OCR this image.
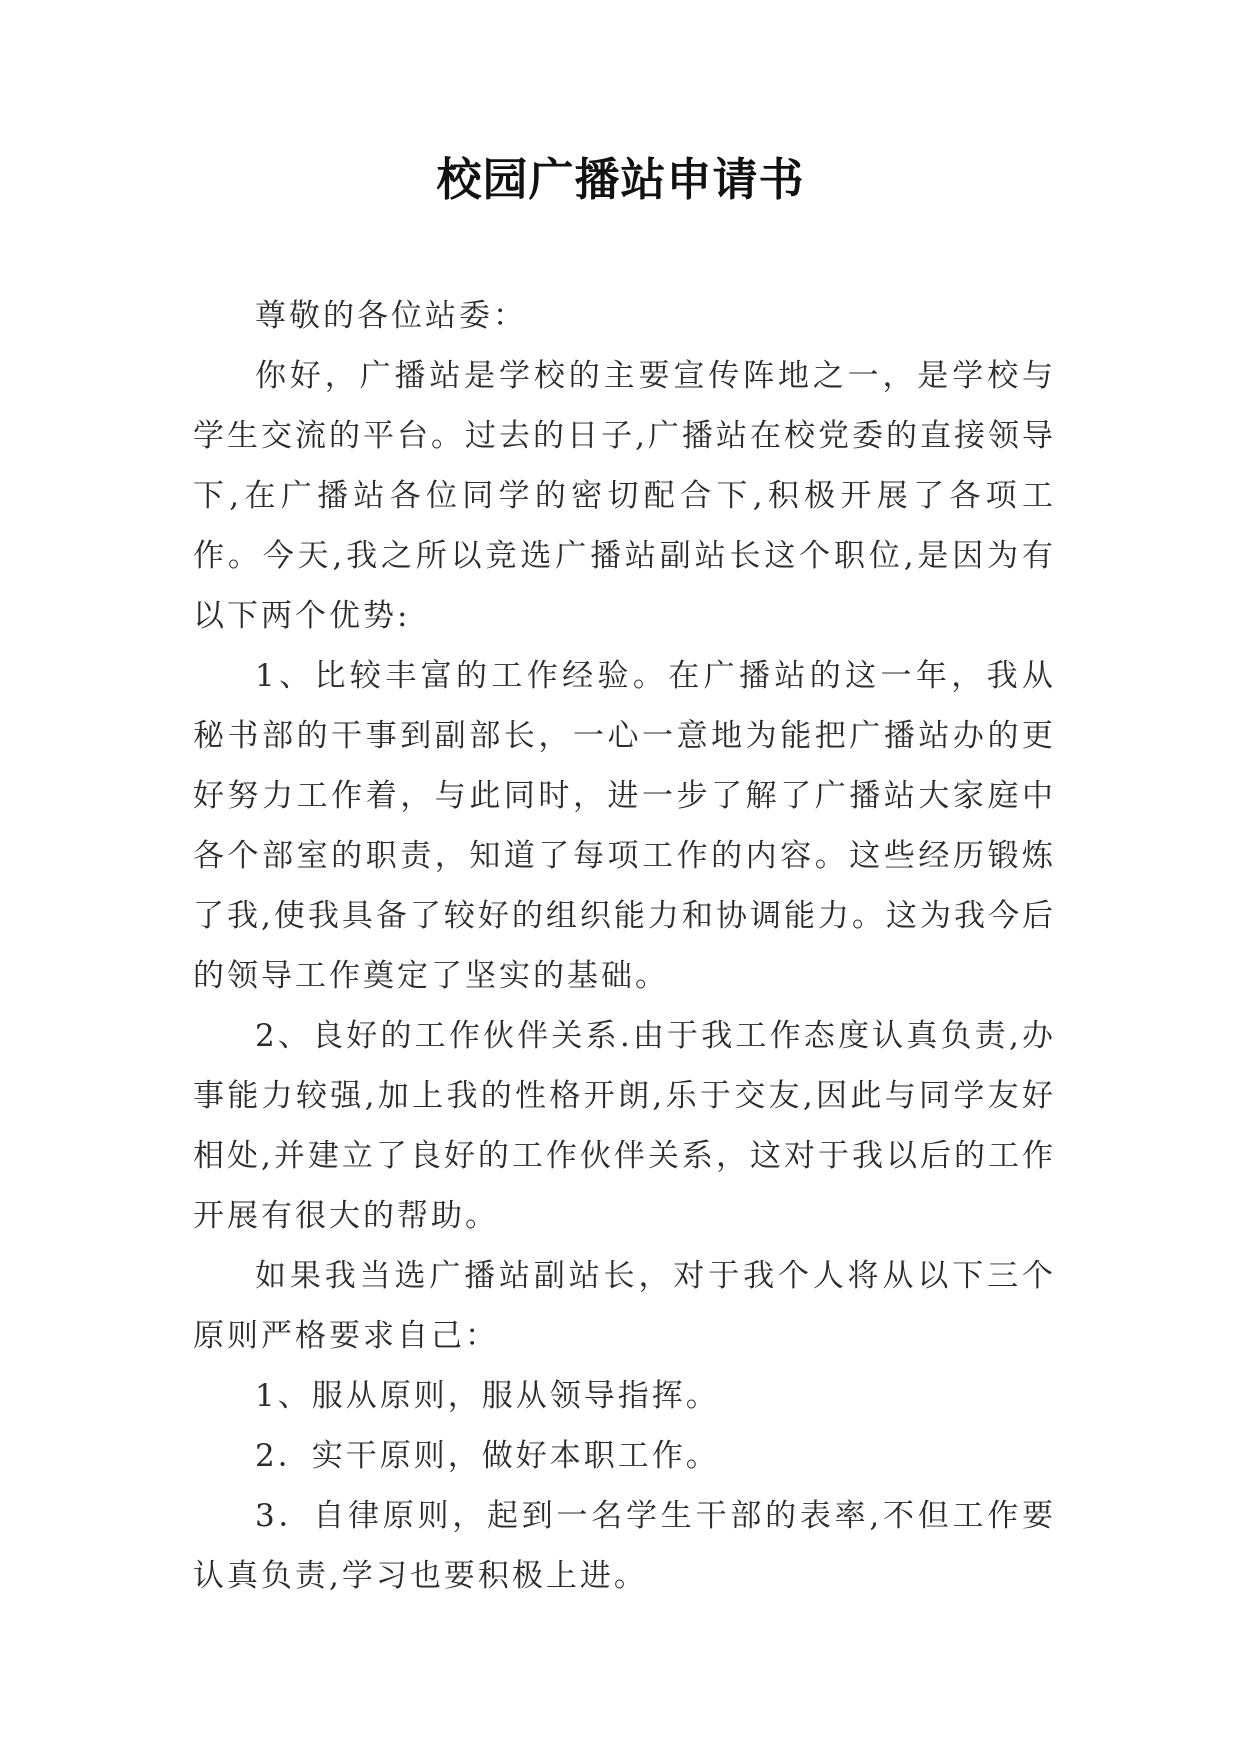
校园广播站申请书

尊敬的各位站委：

你好，广播站是学校的主要宣传阵地之一，是学校与学生交流的平台。过去的日子,广播站在校党委的直接领导下,在广播站各位同学的密切配合下,积极开展了各项工作。今天,我之所以竞选广播站副站长这个职位,是因为有以下两个优势:

1、比较丰富的工作经验。在广播站的这一年，我从秘书部的干事到副部长，一心一意地为能把广播站办的更好努力工作着，与此同时，进一步了解了广播站大家庭中各个部室的职责，知道了每项工作的内容。这些经历锻炼了我,使我具备了较好的组织能力和协调能力。这为我今后的领导工作奠定了坚实的基础。

2、良好的工作伙伴关系.由于我工作态度认真负责,办事能力较强,加上我的性格开朗,乐于交友,因此与同学友好相处,并建立了良好的工作伙伴关系，这对于我以后的工作开展有很大的帮助。

如果我当选广播站副站长，对于我个人将从以下三个原则严格要求自己：

1、服从原则，服从领导指挥。

2．实干原则，做好本职工作。

3．自律原则，起到一名学生干部的表率,不但工作要认真负责,学习也要积极上进。
